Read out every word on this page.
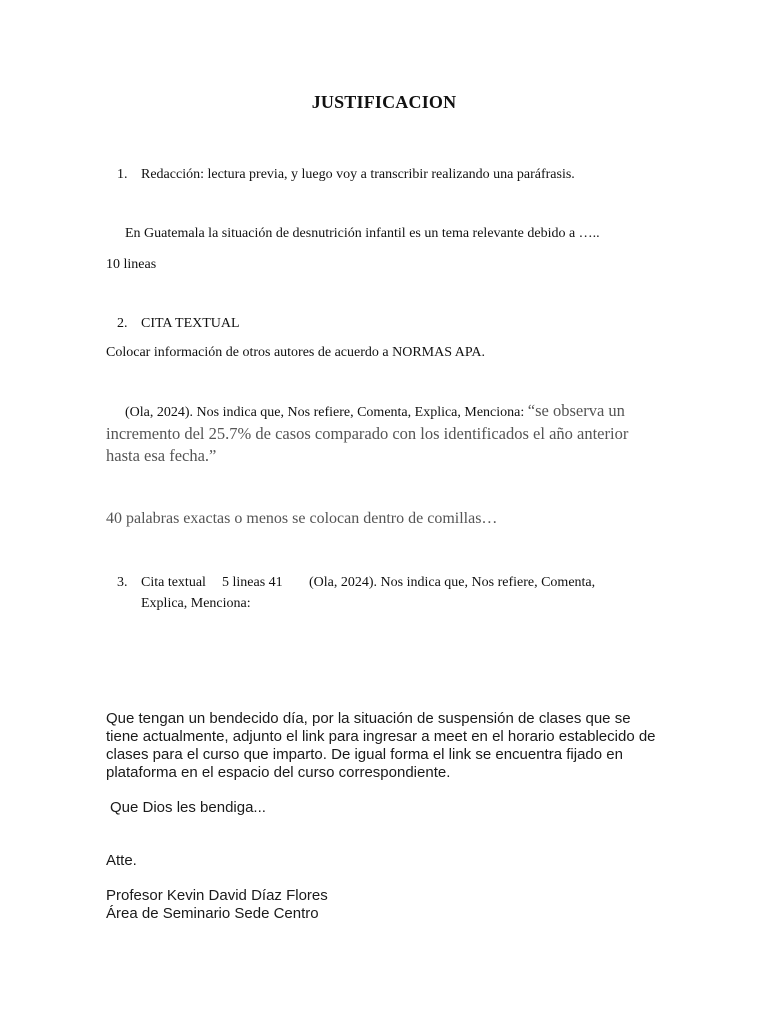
JUSTIFICACION
1. Redacción: lectura previa, y luego voy a transcribir realizando una paráfrasis.
En Guatemala la situación de desnutrición infantil es un tema relevante debido a …..
10 lineas
2. CITA TEXTUAL
Colocar información de otros autores de acuerdo a NORMAS APA.
(Ola, 2024). Nos indica que, Nos refiere, Comenta, Explica, Menciona: “se observa un
incremento del 25.7% de casos comparado con los identificados el año anterior
hasta esa fecha.”
40 palabras exactas o menos se colocan dentro de comillas…
3. Cita textual 5 lineas 41 (Ola, 2024). Nos indica que, Nos refiere, Comenta,
Explica, Menciona:
Que tengan un bendecido día, por la situación de suspensión de clases que se
tiene actualmente, adjunto el link para ingresar a meet en el horario establecido de
clases para el curso que imparto. De igual forma el link se encuentra fijado en
plataforma en el espacio del curso correspondiente.
Que Dios les bendiga...
Atte.
Profesor Kevin David Díaz Flores
Área de Seminario Sede Centro
